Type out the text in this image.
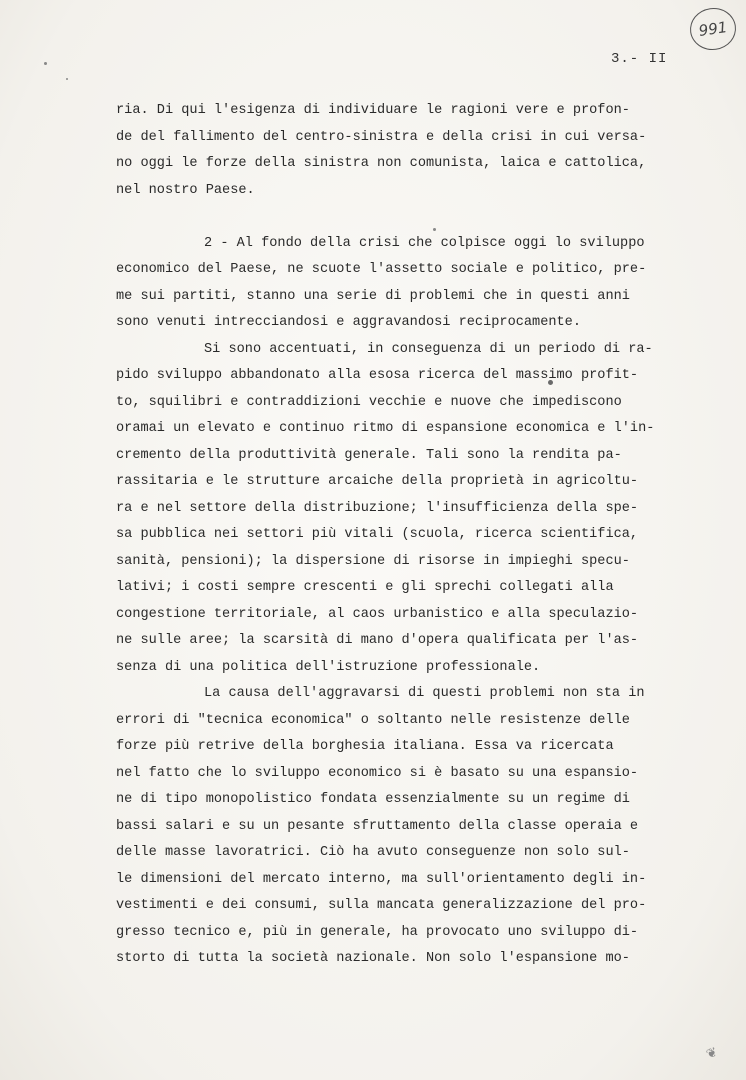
991
3.- II
❦
ria. Di qui l'esigenza di individuare le ragioni vere e profon-
de del fallimento del centro-sinistra e della crisi in cui versa-
no oggi le forze della sinistra non comunista, laica e cattolica,
nel nostro Paese.
2 - Al fondo della crisi che colpisce oggi lo sviluppo
economico del Paese, ne scuote l'assetto sociale e politico, pre-
me sui partiti, stanno una serie di problemi che in questi anni
sono venuti intrecciandosi e aggravandosi reciprocamente.
Si sono accentuati, in conseguenza di un periodo di ra-
pido sviluppo abbandonato alla esosa ricerca del massimo profit-
to, squilibri e contraddizioni vecchie e nuove che impediscono
oramai un elevato e continuo ritmo di espansione economica e l'in-
cremento della produttività generale. Tali sono la rendita pa-
rassitaria e le strutture arcaiche della proprietà in agricoltu-
ra e nel settore della distribuzione; l'insufficienza della spe-
sa pubblica nei settori più vitali (scuola, ricerca scientifica,
sanità, pensioni); la dispersione di risorse in impieghi specu-
lativi; i costi sempre crescenti e gli sprechi collegati alla
congestione territoriale, al caos urbanistico e alla speculazio-
ne sulle aree; la scarsità di mano d'opera qualificata per l'as-
senza di una politica dell'istruzione professionale.
La causa dell'aggravarsi di questi problemi non sta in
errori di "tecnica economica" o soltanto nelle resistenze delle
forze più retrive della borghesia italiana. Essa va ricercata
nel fatto che lo sviluppo economico si è basato su una espansio-
ne di tipo monopolistico fondata essenzialmente su un regime di
bassi salari e su un pesante sfruttamento della classe operaia e
delle masse lavoratrici. Ciò ha avuto conseguenze non solo sul-
le dimensioni del mercato interno, ma sull'orientamento degli in-
vestimenti e dei consumi, sulla mancata generalizzazione del pro-
gresso tecnico e, più in generale, ha provocato uno sviluppo di-
storto di tutta la società nazionale. Non solo l'espansione mo-
